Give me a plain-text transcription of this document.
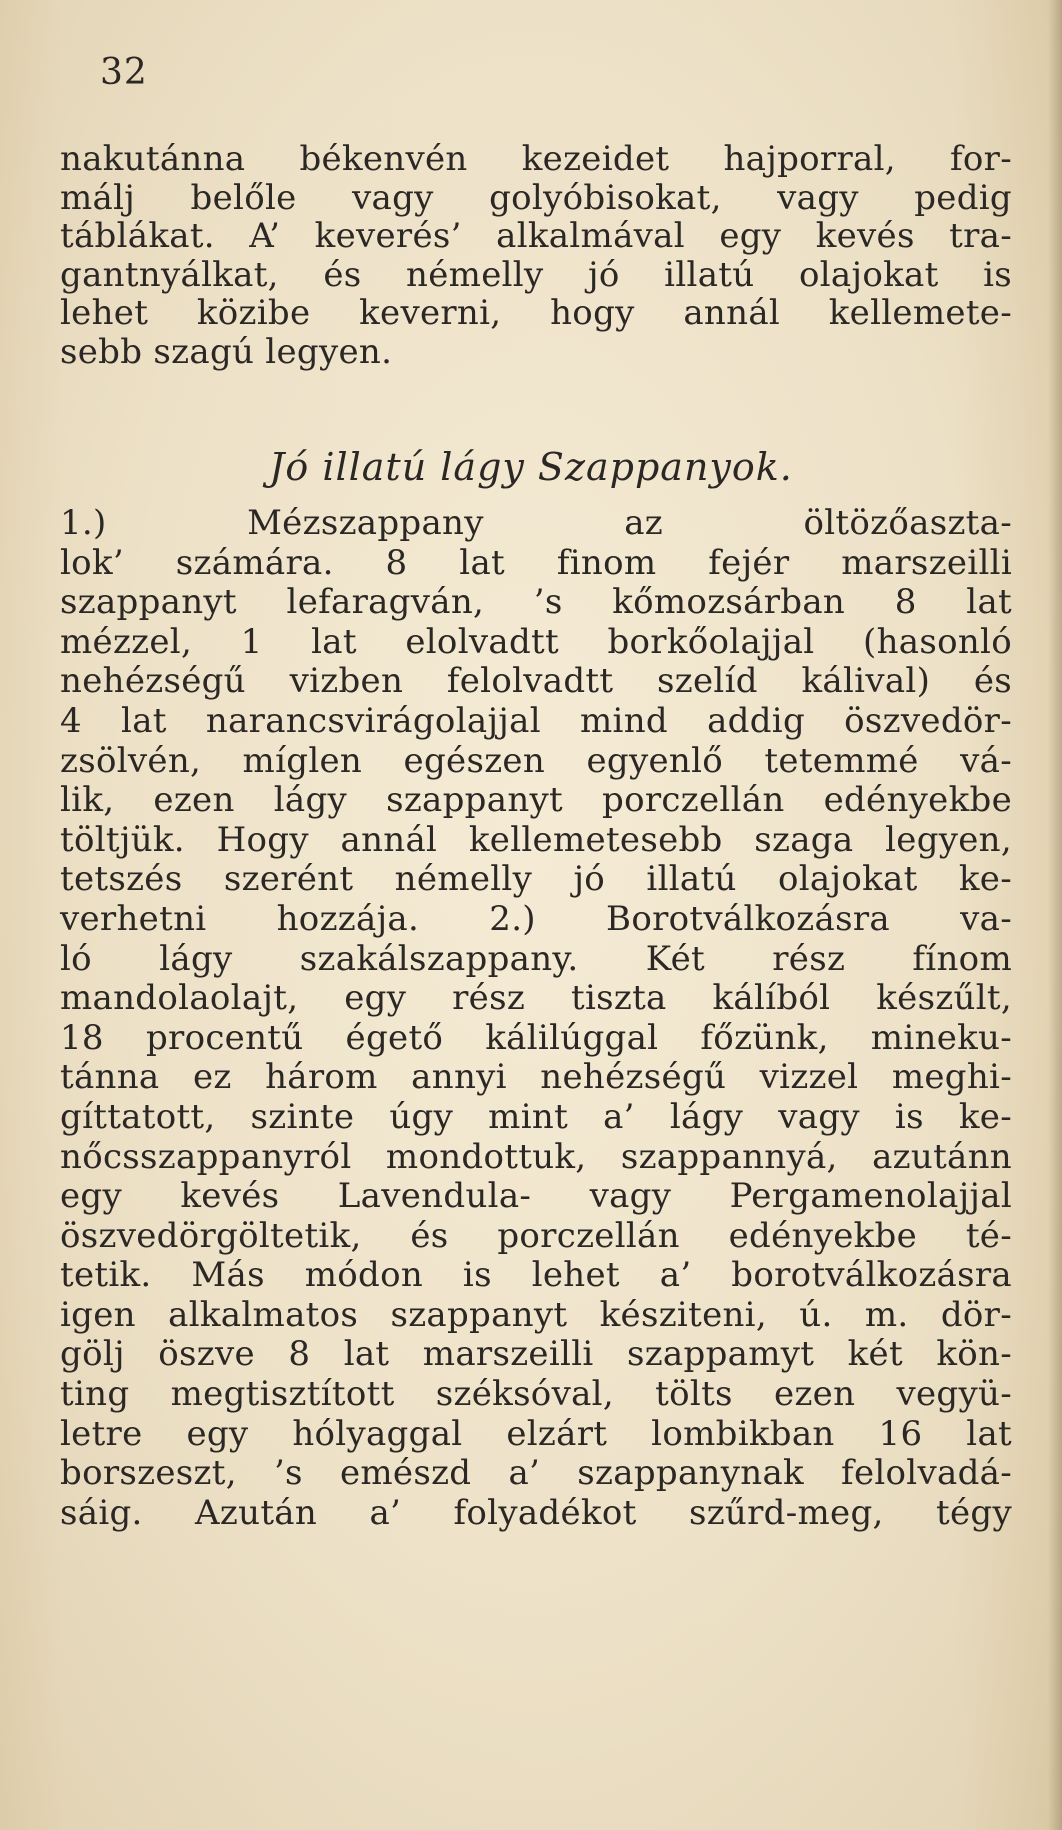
32
nakutánna békenvén kezeidet hajporral, for-
málj belőle vagy golyóbisokat, vagy pedig
táblákat. A’ keverés’ alkalmával egy kevés tra-
gantnyálkat, és némelly jó illatú olajokat is
lehet közibe keverni, hogy annál kellemete-
sebb szagú legyen.
Jó illatú lágy Szappanyok.
1.) Mézszappany az öltözőaszta-
lok’ számára. 8 lat finom fejér marszeilli
szappanyt lefaragván, ’s kőmozsárban 8 lat
mézzel, 1 lat elolvadtt borkőolajjal (hasonló
nehézségű vizben felolvadtt szelíd kálival) és
4 lat narancsvirágolajjal mind addig öszvedör-
zsölvén, míglen egészen egyenlő tetemmé vá-
lik, ezen lágy szappanyt porczellán edényekbe
töltjük. Hogy annál kellemetesebb szaga legyen,
tetszés szerént némelly jó illatú olajokat ke-
verhetni hozzája. 2.) Borotválkozásra va-
ló lágy szakálszappany. Két rész fínom
mandolaolajt, egy rész tiszta kálíból készűlt,
18 procentű égető kálilúggal főzünk, mineku-
tánna ez három annyi nehézségű vizzel meghi-
gíttatott, szinte úgy mint a’ lágy vagy is ke-
nőcsszappanyról mondottuk, szappannyá, azutánn
egy kevés Lavendula- vagy Pergamenolajjal
öszvedörgöltetik, és porczellán edényekbe té-
tetik. Más módon is lehet a’ borotválkozásra
igen alkalmatos szappanyt késziteni, ú. m. dör-
gölj öszve 8 lat marszeilli szappamyt két kön-
ting megtisztított széksóval, tölts ezen vegyü-
letre egy hólyaggal elzárt lombikban 16 lat
borszeszt, ’s emészd a’ szappanynak felolvadá-
sáig. Azután a’ folyadékot szűrd-meg, tégy
